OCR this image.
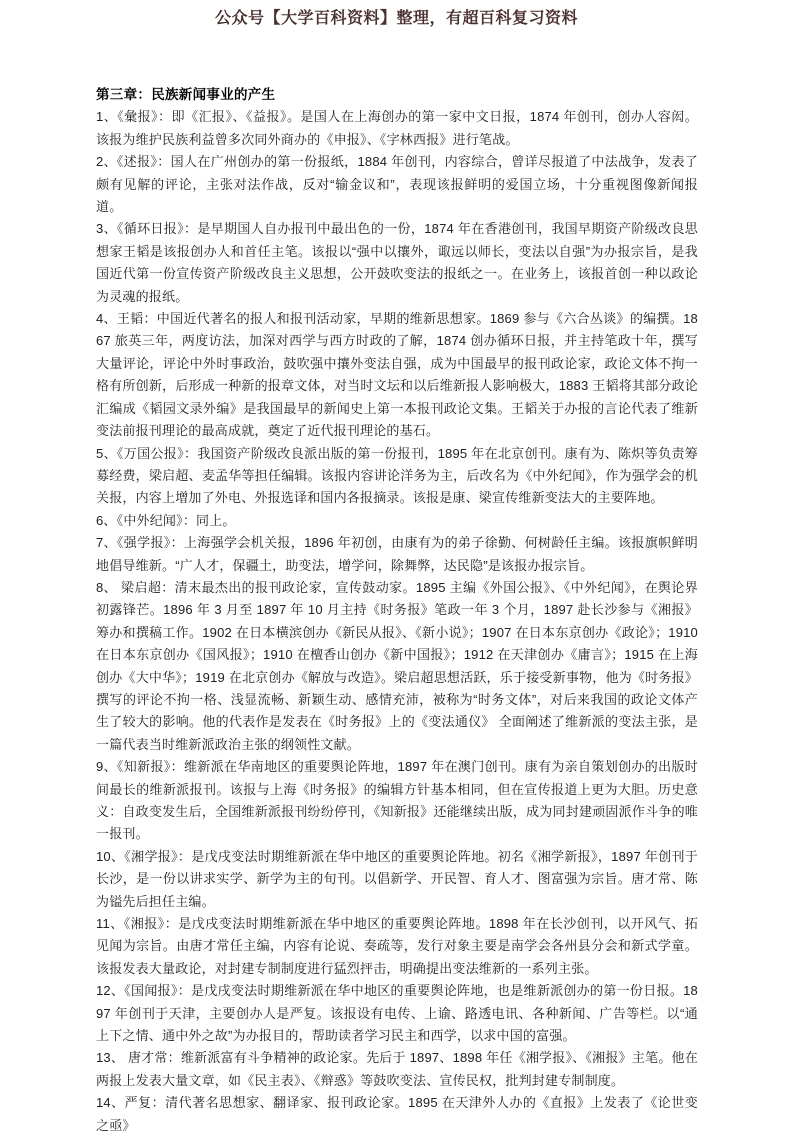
公众号【大学百科资料】整理，有超百科复习资料
第三章：民族新闻事业的产生

1、《彙报》：即《汇报》、《益报》。是国人在上海创办的第一家中文日报，1874 年创刊，创办人容闳。该报为维护民族利益曾多次同外商办的《申报》、《字林西报》进行笔战。

2、《述报》：国人在广州创办的第一份报纸，1884 年创刊，内容综合，曾详尽报道了中法战争，发表了颇有见解的评论，主张对法作战，反对“输金议和”，表现该报鲜明的爱国立场，十分重视图像新闻报道。

3、《循环日报》：是早期国人自办报刊中最出色的一份，1874 年在香港创刊，我国早期资产阶级改良思想家王韬是该报创办人和首任主笔。该报以“强中以攘外，诹远以师长，变法以自强”为办报宗旨，是我国近代第一份宣传资产阶级改良主义思想，公开鼓吹变法的报纸之一。在业务上，该报首创一种以政论为灵魂的报纸。

4、王韬：中国近代著名的报人和报刊活动家，早期的维新思想家。1869 参与《六合丛谈》的编撰。1867 旅英三年，两度访法，加深对西学与西方时政的了解，1874 创办循环日报，并主持笔政十年，撰写大量评论，评论中外时事政治，鼓吹强中攘外变法自强，成为中国最早的报刊政论家，政论文体不拘一格有所创新，后形成一种新的报章文体，对当时文坛和以后维新报人影响极大，1883 王韬将其部分政论汇编成《韬园文录外编》是我国最早的新闻史上第一本报刊政论文集。王韬关于办报的言论代表了维新变法前报刊理论的最高成就，奠定了近代报刊理论的基石。

5、《万国公报》：我国资产阶级改良派出版的第一份报刊，1895 年在北京创刊。康有为、陈炽等负责筹募经费，梁启超、麦孟华等担任编辑。该报内容讲论洋务为主，后改名为《中外纪闻》，作为强学会的机关报，内容上增加了外电、外报选译和国内各报摘录。该报是康、梁宣传维新变法大的主要阵地。

6、《中外纪闻》：同上。

7、《强学报》：上海强学会机关报，1896 年初创，由康有为的弟子徐勤、何树龄任主编。该报旗帜鲜明地倡导维新。“广人才，保疆土，助变法，增学问，除舞弊，达民隐”是该报办报宗旨。

8、 梁启超：清末最杰出的报刊政论家，宣传鼓动家。1895 主编《外国公报》、《中外纪闻》，在舆论界初露锋芒。1896 年 3 月至 1897 年 10 月主持《时务报》笔政一年 3 个月，1897 赴长沙参与《湘报》筹办和撰稿工作。1902 在日本横滨创办《新民从报》、《新小说》；1907 在日本东京创办《政论》；1910 在日本东京创办《国风报》；1910 在檀香山创办《新中国报》；1912 在天津创办《庸言》；1915 在上海创办《大中华》；1919 在北京创办《解放与改造》。梁启超思想活跃，乐于接受新事物，他为《时务报》撰写的评论不拘一格、浅显流畅、新颖生动、感情充沛，被称为“时务文体”，对后来我国的政论文体产生了较大的影响。他的代表作是发表在《时务报》上的《变法通仪》 全面阐述了维新派的变法主张，是一篇代表当时维新派政治主张的纲领性文献。

9、《知新报》：维新派在华南地区的重要舆论阵地，1897 年在澳门创刊。康有为亲自策划创办的出版时间最长的维新派报刊。该报与上海《时务报》的编辑方针基本相同，但在宣传报道上更为大胆。历史意义：自政变发生后，全国维新派报刊纷纷停刊，《知新报》还能继续出版，成为同封建顽固派作斗争的唯一报刊。

10、《湘学报》：是戊戌变法时期维新派在华中地区的重要舆论阵地。初名《湘学新报》，1897 年创刊于长沙，是一份以讲求实学、新学为主的旬刊。以倡新学、开民智、育人才、图富强为宗旨。唐才常、陈为镒先后担任主编。

11、《湘报》：是戊戌变法时期维新派在华中地区的重要舆论阵地。1898 年在长沙创刊，以开风气、拓见闻为宗旨。由唐才常任主编，内容有论说、奏疏等，发行对象主要是南学会各州县分会和新式学童。该报发表大量政论，对封建专制制度进行猛烈抨击，明确提出变法维新的一系列主张。

12、《国闻报》：是戊戌变法时期维新派在华中地区的重要舆论阵地，也是维新派创办的第一份日报。1897 年创刊于天津，主要创办人是严复。该报设有电传、上谕、路透电讯、各种新闻、广告等栏。以“通上下之情、通中外之故”为办报目的，帮助读者学习民主和西学，以求中国的富强。

13、 唐才常：维新派富有斗争精神的政论家。先后于 1897、1898 年任《湘学报》、《湘报》主笔。他在两报上发表大量文章，如《民主表》、《辩惑》等鼓吹变法、宣传民权，批判封建专制制度。

14、严复：清代著名思想家、翻译家、报刊政论家。1895 在天津外人办的《直报》上发表了《论世变之亟》
